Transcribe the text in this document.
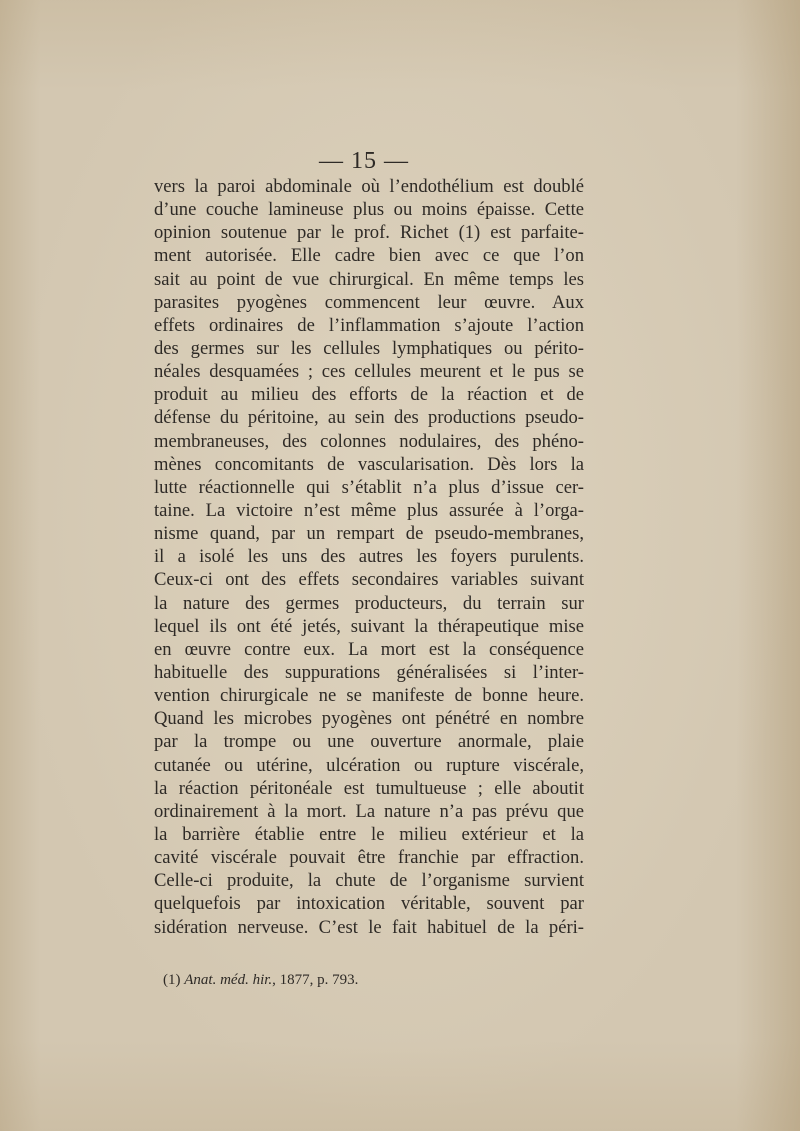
— 15 —
vers la paroi abdominale où l’endothélium est doublé
d’une couche lamineuse plus ou moins épaisse. Cette
opinion soutenue par le prof. Richet (1) est parfaite-
ment autorisée. Elle cadre bien avec ce que l’on
sait au point de vue chirurgical. En même temps les
parasites pyogènes commencent leur œuvre. Aux
effets ordinaires de l’inflammation s’ajoute l’action
des germes sur les cellules lymphatiques ou périto-
néales desquamées ; ces cellules meurent et le pus se
produit au milieu des efforts de la réaction et de
défense du péritoine, au sein des productions pseudo-
membraneuses, des colonnes nodulaires, des phéno-
mènes concomitants de vascularisation. Dès lors la
lutte réactionnelle qui s’établit n’a plus d’issue cer-
taine. La victoire n’est même plus assurée à l’orga-
nisme quand, par un rempart de pseudo-membranes,
il a isolé les uns des autres les foyers purulents.
Ceux-ci ont des effets secondaires variables suivant
la nature des germes producteurs, du terrain sur
lequel ils ont été jetés, suivant la thérapeutique mise
en œuvre contre eux. La mort est la conséquence
habituelle des suppurations généralisées si l’inter-
vention chirurgicale ne se manifeste de bonne heure.
Quand les microbes pyogènes ont pénétré en nombre
par la trompe ou une ouverture anormale, plaie
cutanée ou utérine, ulcération ou rupture viscérale,
la réaction péritonéale est tumultueuse ; elle aboutit
ordinairement à la mort. La nature n’a pas prévu que
la barrière établie entre le milieu extérieur et la
cavité viscérale pouvait être franchie par effraction.
Celle-ci produite, la chute de l’organisme survient
quelquefois par intoxication véritable, souvent par
sidération nerveuse. C’est le fait habituel de la péri-
(1) Anat. méd. hir., 1877, p. 793.
